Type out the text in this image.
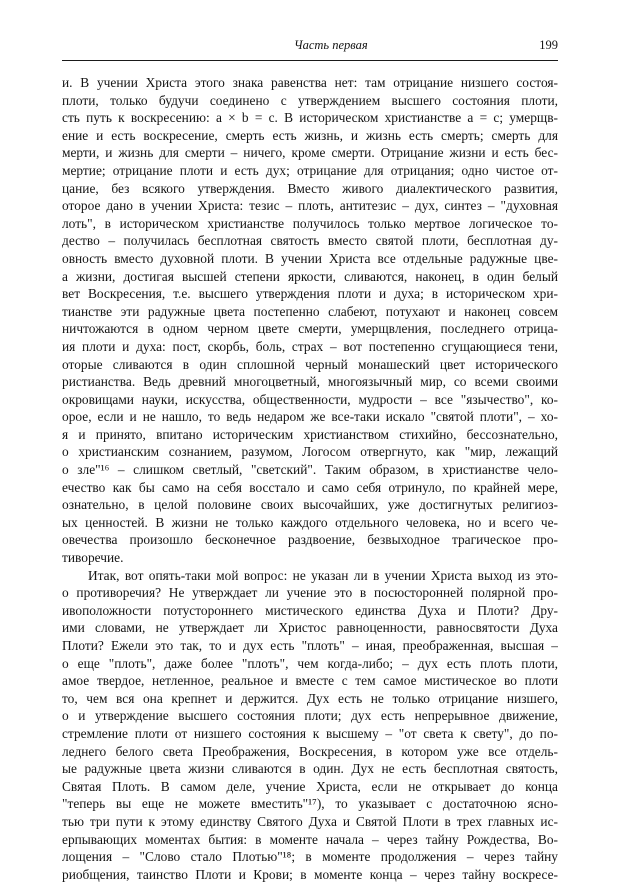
Часть первая	199
и. В учении Христа этого знака равенства нет: там отрицание низшего состоя-
плоти, только будучи соединено с утверждением высшего состояния плоти,
сть путь к воскресению: a × b = c. В историческом христианстве a = c; умерщв-
ение и есть воскресение, смерть есть жизнь, и жизнь есть смерть; смерть для
мерти, и жизнь для смерти – ничего, кроме смерти. Отрицание жизни и есть бес-
мертие; отрицание плоти и есть дух; отрицание для отрицания; одно чистое от-
цание, без всякого утверждения. Вместо живого диалектического развития,
оторое дано в учении Христа: тезис – плоть, антитезис – дух, синтез – "духовная
лоть", в историческом христианстве получилось только мертвое логическое то-
дество – получилась бесплотная святость вместо святой плоти, бесплотная ду-
овность вместо духовной плоти. В учении Христа все отдельные радужные цве-
а жизни, достигая высшей степени яркости, сливаются, наконец, в один белый
вет Воскресения, т.е. высшего утверждения плоти и духа; в историческом хри-
тианстве эти радужные цвета постепенно слабеют, потухают и наконец совсем
ничтожаются в одном черном цвете смерти, умерщвления, последнего отрица-
ия плоти и духа: пост, скорбь, боль, страх – вот постепенно сгущающиеся тени,
оторые сливаются в один сплошной черный монашеский цвет исторического
ристианства. Ведь древний многоцветный, многоязычный мир, со всеми своими
окровищами науки, искусства, общественности, мудрости – все "язычество", ко-
орое, если и не нашло, то ведь недаром же все-таки искало "святой плоти", – хо-
я и принято, впитано историческим христианством стихийно, бессознательно,
о христианским сознанием, разумом, Логосом отвергнуто, как "мир, лежащий
о зле"¹⁶ – слишком светлый, "светский". Таким образом, в христианстве чело-
ечество как бы само на себя восстало и само себя отринуло, по крайней мере,
ознательно, в целой половине своих высочайших, уже достигнутых религиоз-
ых ценностей. В жизни не только каждого отдельного человека, но и всего че-
овечества произошло бесконечное раздвоение, безвыходное трагическое про-
тиворечие.
Итак, вот опять-таки мой вопрос: не указан ли в учении Христа выход из это-
о противоречия? Не утверждает ли учение это в посюсторонней полярной про-
ивоположности потустороннего мистического единства Духа и Плоти? Дру-
ими словами, не утверждает ли Христос равноценности, равносвятости Духа
Плоти? Ежели это так, то и дух есть "плоть" – иная, преображенная, высшая –
о еще "плоть", даже более "плоть", чем когда-либо; – дух есть плоть плоти,
амое твердое, нетленное, реальное и вместе с тем самое мистическое во плоти
то, чем вся она крепнет и держится. Дух есть не только отрицание низшего,
о и утверждение высшего состояния плоти; дух есть непрерывное движение,
стремление плоти от низшего состояния к высшему – "от света к свету", до по-
леднего белого света Преображения, Воскресения, в котором уже все отдель-
ые радужные цвета жизни сливаются в один. Дух не есть бесплотная святость,
Святая Плоть. В самом деле, учение Христа, если не открывает до конца
"теперь вы еще не можете вместить"¹⁷), то указывает с достаточною ясно-
тью три пути к этому единству Святого Духа и Святой Плоти в трех главных ис-
ерпывающих моментах бытия: в моменте начала – через тайну Рождества, Во-
лощения – "Слово стало Плотью"¹⁸; в моменте продолжения – через тайну
риобщения, таинство Плоти и Крови; в моменте конца – через тайну воскресе-
